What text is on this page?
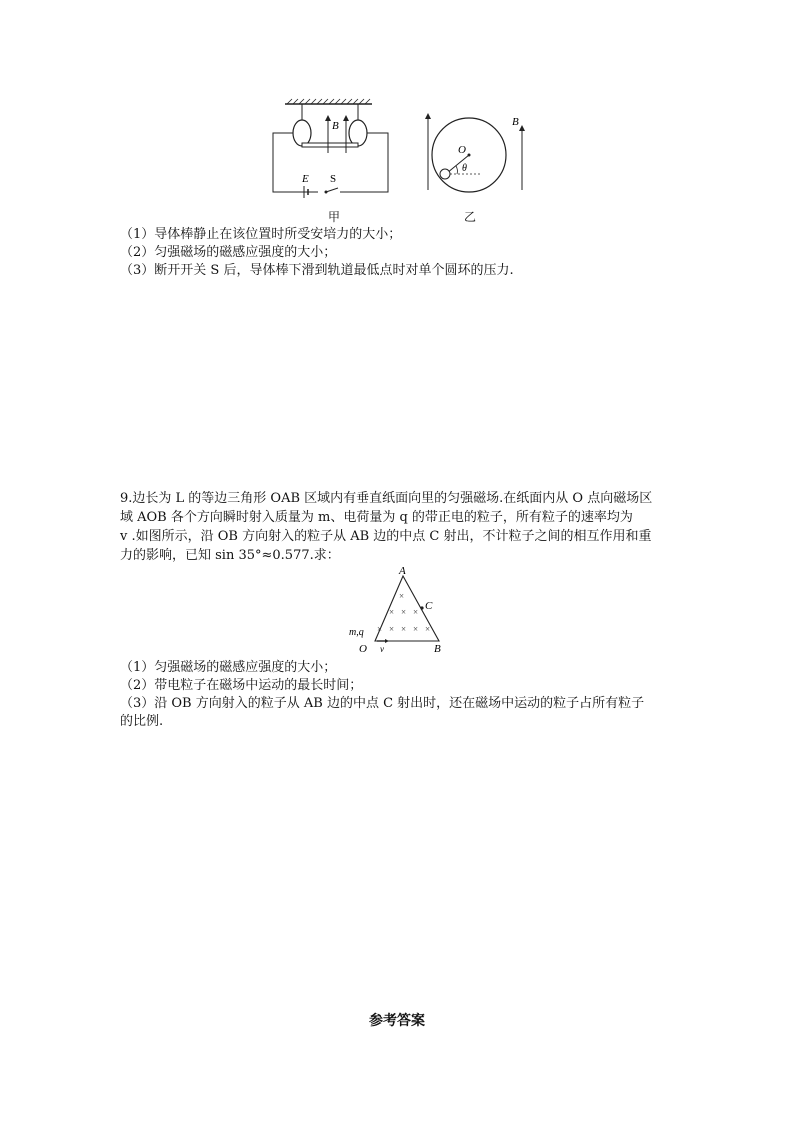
B
E S
B
O
θ
甲	乙
（1）导体棒静止在该位置时所受安培力的大小；
（2）匀强磁场的磁感应强度的大小；
（3）断开开关 S 后，导体棒下滑到轨道最低点时对单个圆环的压力.
9.边长为 L 的等边三角形 OAB 区域内有垂直纸面向里的匀强磁场.在纸面内从 O 点向磁场区
域 AOB 各个方向瞬时射入质量为 m、电荷量为 q 的带正电的粒子，所有粒子的速率均为
v .如图所示，沿 OB 方向射入的粒子从 AB 边的中点 C 射出，不计粒子之间的相互作用和重
力的影响，已知 sin 35°≈0.577.求：
×
× × ×
× × × × ×
A
C
O	B
m,q
v
（1）匀强磁场的磁感应强度的大小；
（2）带电粒子在磁场中运动的最长时间；
（3）沿 OB 方向射入的粒子从 AB 边的中点 C 射出时，还在磁场中运动的粒子占所有粒子
的比例.
参考答案
